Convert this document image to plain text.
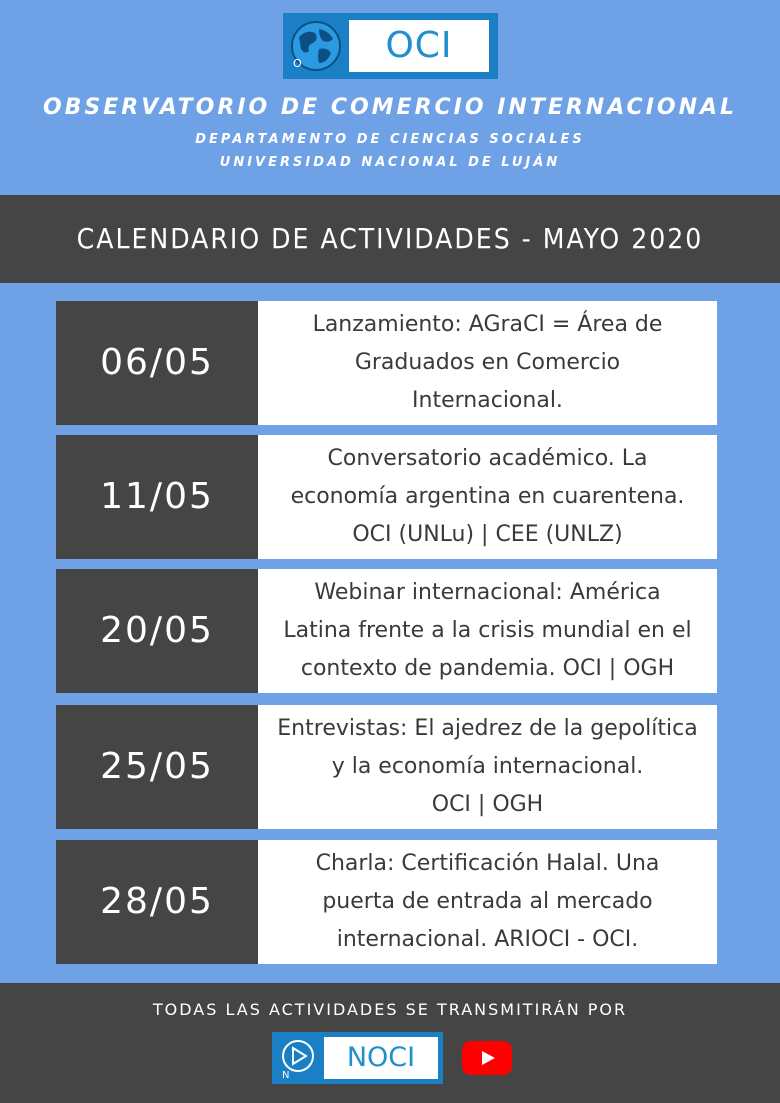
O	OCI
OBSERVATORIO DE COMERCIO INTERNACIONAL
DEPARTAMENTO DE CIENCIAS SOCIALES
UNIVERSIDAD NACIONAL DE LUJÁN
CALENDARIO DE ACTIVIDADES - MAYO 2020
06/05
Lanzamiento: AGraCI = Área de
Graduados en Comercio
Internacional.
11/05
Conversatorio académico. La
economía argentina en cuarentena.
OCI (UNLu) | CEE (UNLZ)
20/05
Webinar internacional: América
Latina frente a la crisis mundial en el
contexto de pandemia. OCI | OGH
25/05
Entrevistas: El ajedrez de la gepolítica
y la economía internacional.
OCI | OGH
28/05
Charla: Certificación Halal. Una
puerta de entrada al mercado
internacional. ARIOCI - OCI.
TODAS LAS ACTIVIDADES SE TRANSMITIRÁN POR
N
NOCI
